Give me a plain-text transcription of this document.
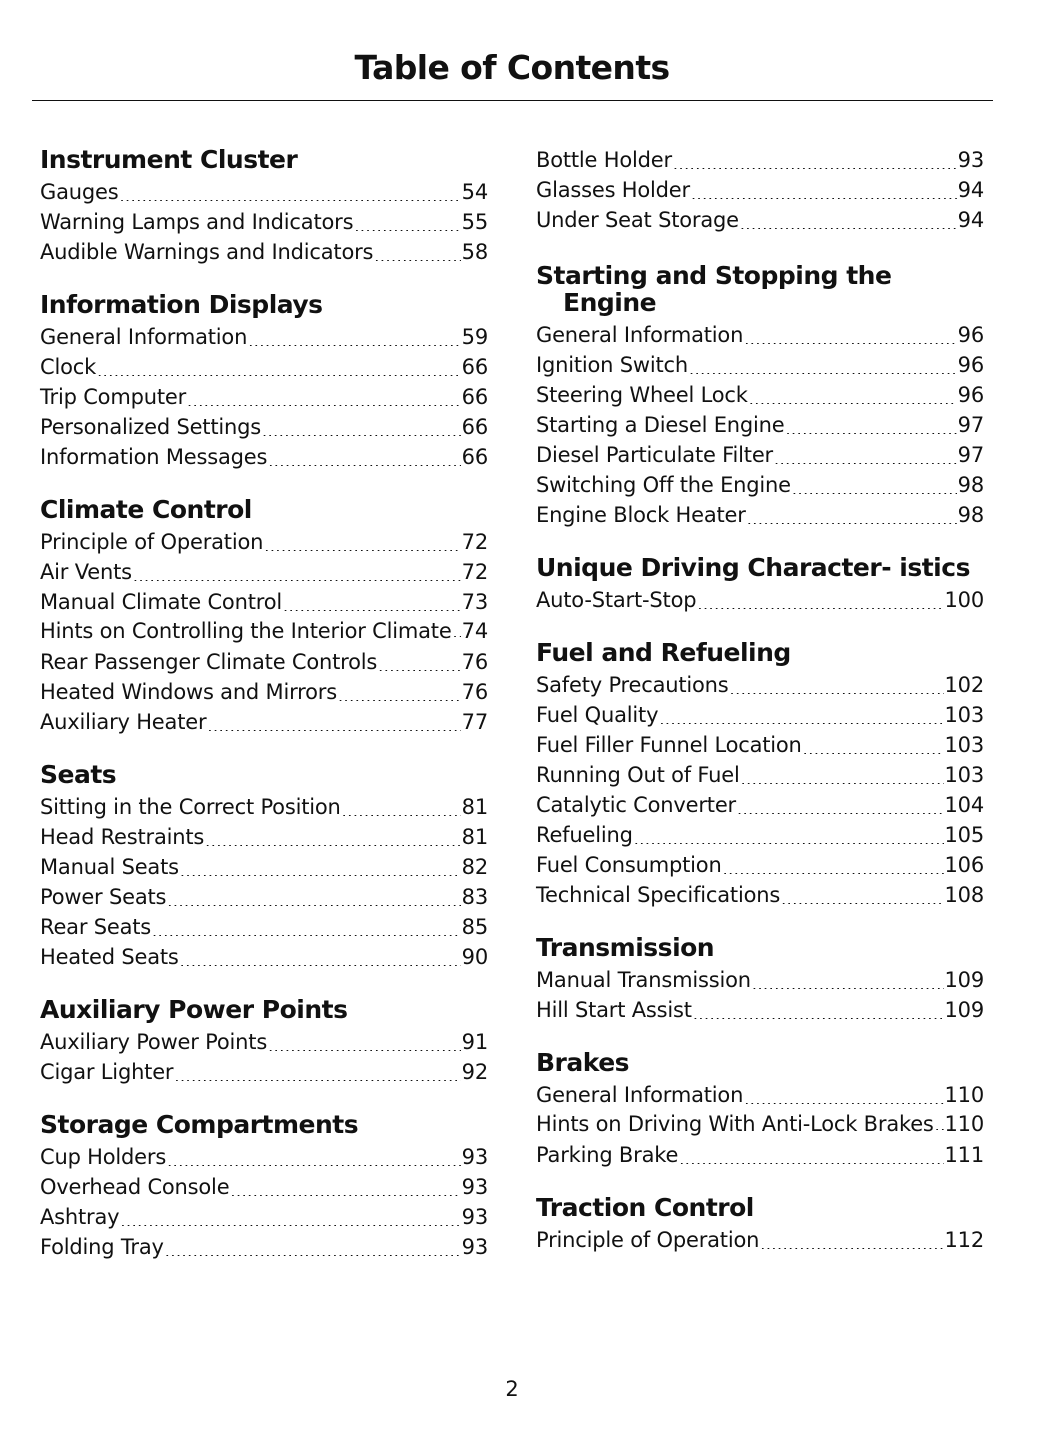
Table of Contents
Instrument Cluster
Gauges .....	54
Warning Lamps and Indicators .....	55
Audible Warnings and Indicators .....	58
Information Displays
General Information .....	59
Clock .....	66
Trip Computer .....	66
Personalized Settings .....	66
Information Messages .....	66
Climate Control
Principle of Operation .....	72
Air Vents .....	72
Manual Climate Control .....	73
Hints on Controlling the Interior Climate ..... 74
Rear Passenger Climate Controls .....	76
Heated Windows and Mirrors .....	76
Auxiliary Heater .....	77
Seats
Sitting in the Correct Position .....	81
Head Restraints .....	81
Manual Seats .....	82
Power Seats .....	83
Rear Seats .....	85
Heated Seats .....	90
Auxiliary Power Points
Auxiliary Power Points .....	91
Cigar Lighter .....	92
Storage Compartments
Cup Holders .....	93
Overhead Console .....	93
Ashtray .....	93
Folding Tray .....	93
Bottle Holder .....	93
Glasses Holder .....	94
Under Seat Storage .....	94
Starting and Stopping the Engine
General Information .....	96
Ignition Switch .....	96
Steering Wheel Lock .....	96
Starting a Diesel Engine .....	97
Diesel Particulate Filter .....	97
Switching Off the Engine .....	98
Engine Block Heater .....	98
Unique Driving Character- istics
Auto-Start-Stop .....	100
Fuel and Refueling
Safety Precautions .....	102
Fuel Quality .....	103
Fuel Filler Funnel Location .....	103
Running Out of Fuel .....	103
Catalytic Converter .....	104
Refueling .....	105
Fuel Consumption .....	106
Technical Specifications .....	108
Transmission
Manual Transmission .....	109
Hill Start Assist .....	109
Brakes
General Information .....	110
Hints on Driving With Anti-Lock Brakes ..... 110
Parking Brake .....	111
Traction Control
Principle of Operation .....	112
2
